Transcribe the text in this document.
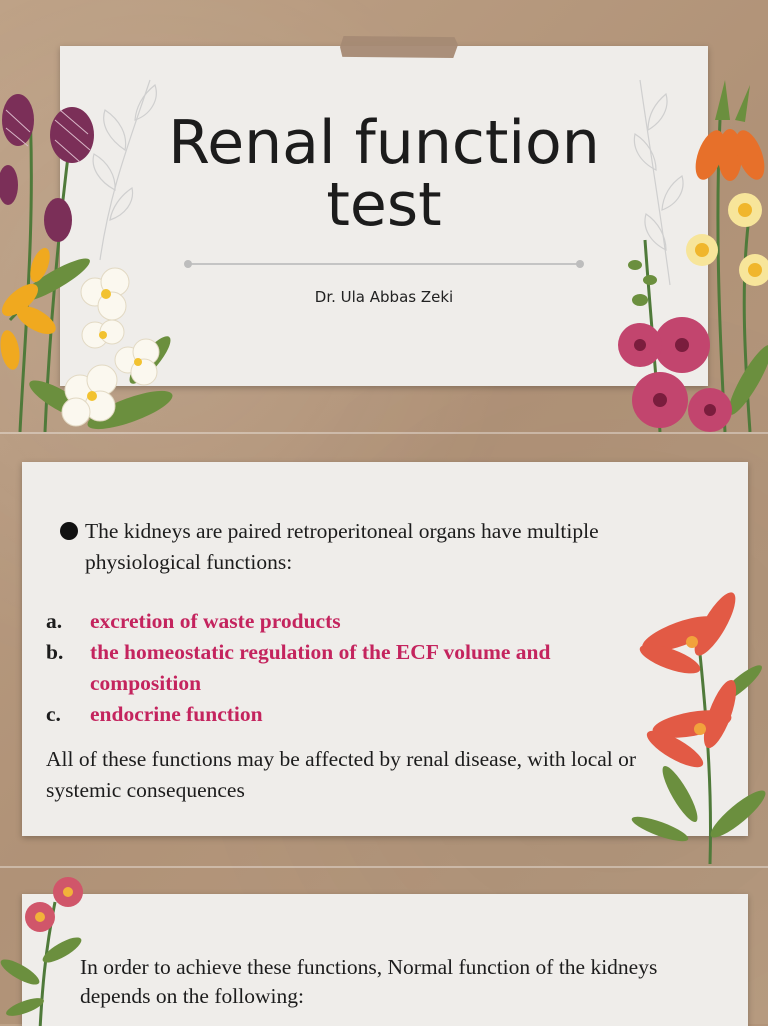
Renal function
test
Dr. Ula Abbas Zeki
The kidneys are paired retroperitoneal organs have multiple physiological functions:
a.	excretion of waste products
b.	the homeostatic regulation of the ECF volume and composition
c.	endocrine function
All of these functions may be affected by renal disease, with local or systemic consequences
In order to achieve these functions, Normal function of the kidneys depends on the following:
